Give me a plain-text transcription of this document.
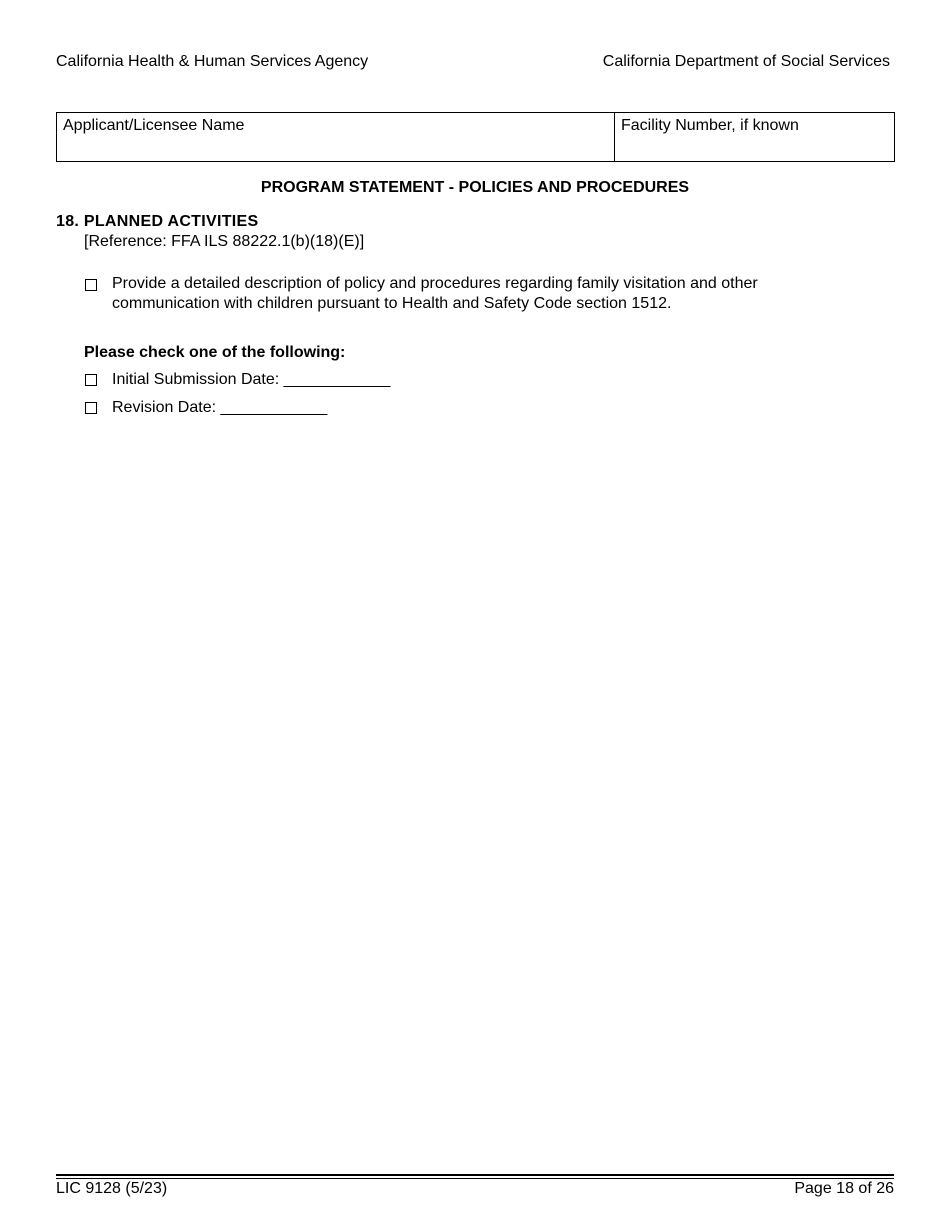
California Health & Human Services Agency	California Department of Social Services
Applicant/Licensee Name	Facility Number, if known
PROGRAM STATEMENT - POLICIES AND PROCEDURES
18. PLANNED ACTIVITIES
[Reference: FFA ILS 88222.1(b)(18)(E)]
Provide a detailed description of policy and procedures regarding family visitation and other
communication with children pursuant to Health and Safety Code section 1512.
Please check one of the following:
Initial Submission Date: ____________
Revision Date: ____________
LIC 9128 (5/23)	Page 18 of 26
